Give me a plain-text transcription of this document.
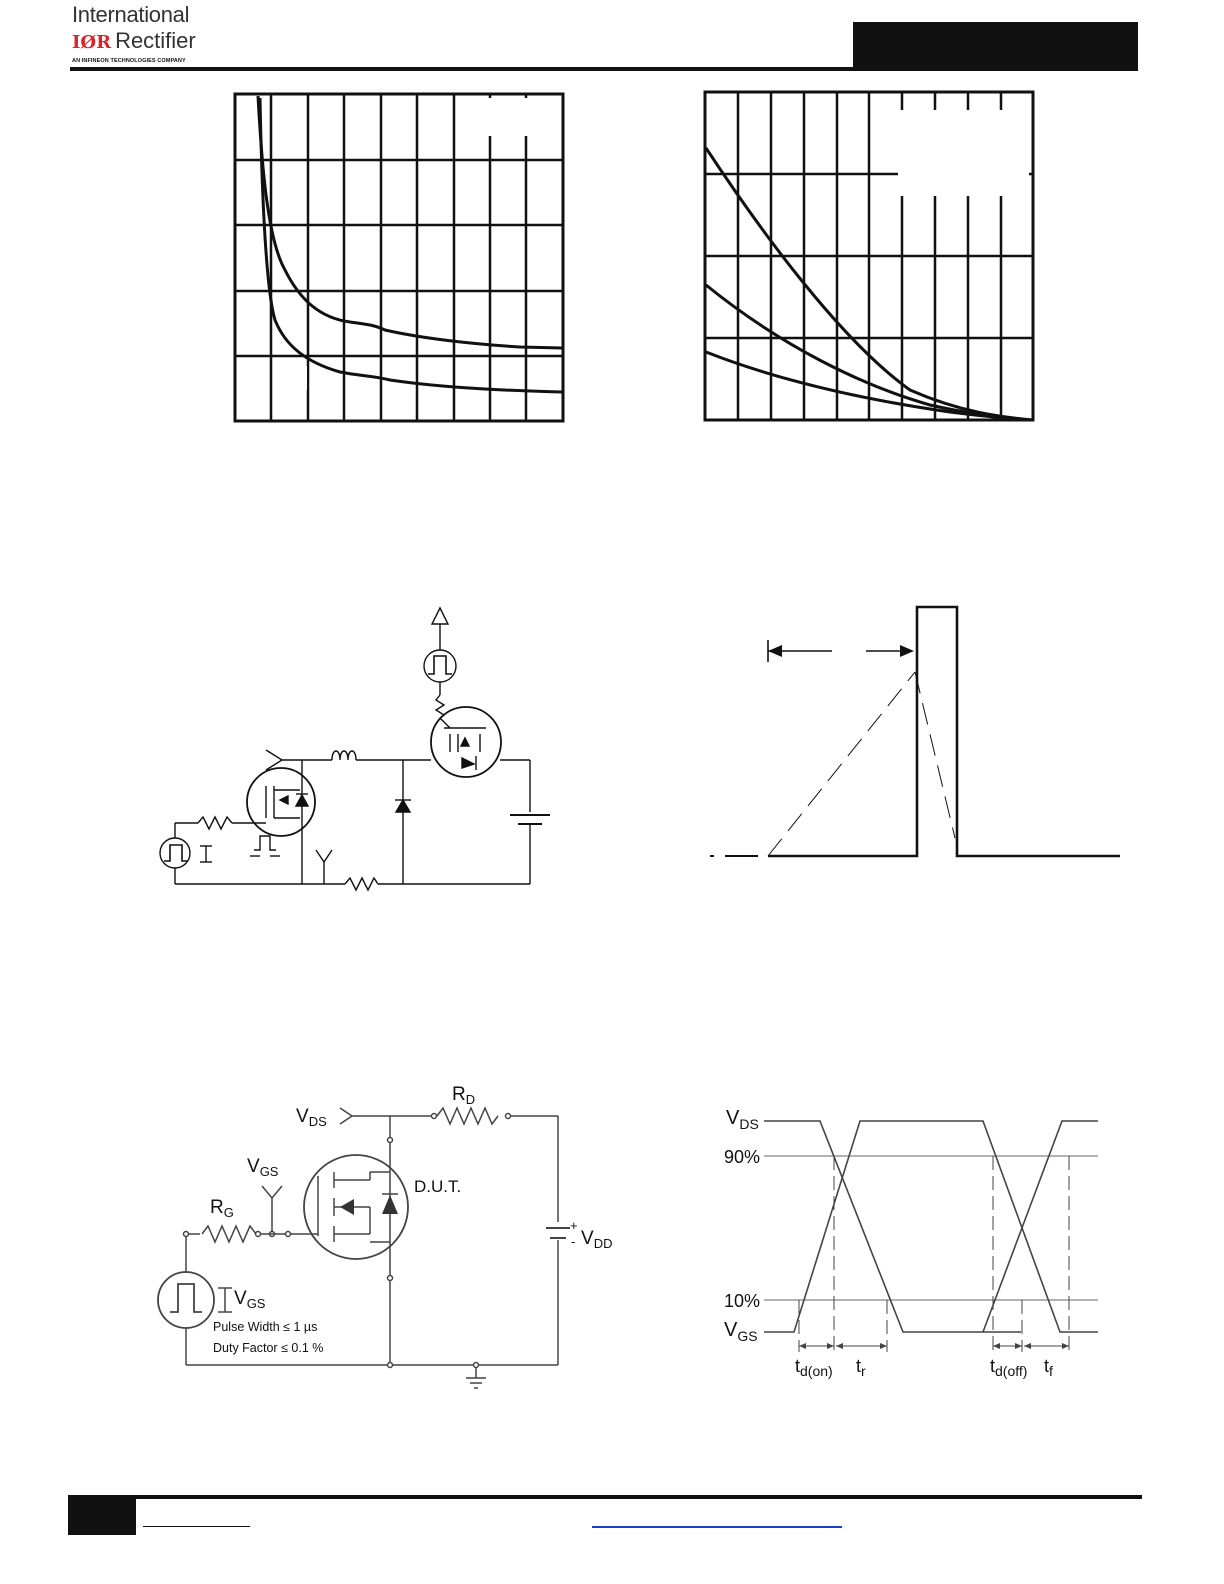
International
IØR Rectifier
AN INFINEON TECHNOLOGIES COMPANY
$V_{DS}$
$R_D$
$V_{GS}$
$R_G$
D.U.T.
+
- $V_{DD}$
$V_{GS}$
Pulse Width ≤ 1 µs
Duty Factor ≤ 0.1 %
$V_{DS}$
90%
10%
$V_{GS}$
$t_{d(on)}$ $t_r$	$t_{d(off)}$ $t_f$
